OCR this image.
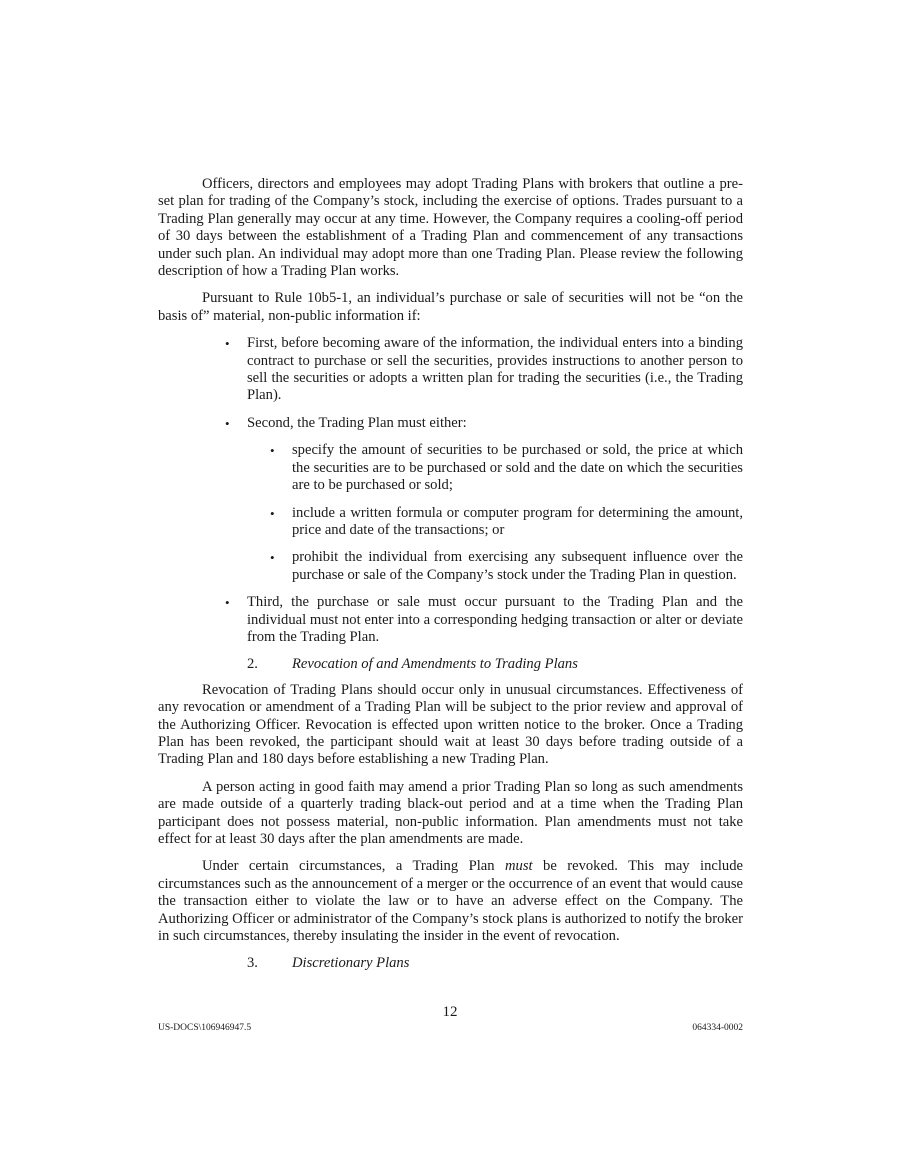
Officers, directors and employees may adopt Trading Plans with brokers that outline a pre-set plan for trading of the Company’s stock, including the exercise of options. Trades pursuant to a Trading Plan generally may occur at any time. However, the Company requires a cooling-off period of 30 days between the establishment of a Trading Plan and commencement of any transactions under such plan. An individual may adopt more than one Trading Plan. Please review the following description of how a Trading Plan works.

Pursuant to Rule 10b5-1, an individual’s purchase or sale of securities will not be “on the basis of” material, non-public information if:

• First, before becoming aware of the information, the individual enters into a binding contract to purchase or sell the securities, provides instructions to another person to sell the securities or adopts a written plan for trading the securities (i.e., the Trading Plan).
• Second, the Trading Plan must either:
• specify the amount of securities to be purchased or sold, the price at which the securities are to be purchased or sold and the date on which the securities are to be purchased or sold;
• include a written formula or computer program for determining the amount, price and date of the transactions; or
• prohibit the individual from exercising any subsequent influence over the purchase or sale of the Company’s stock under the Trading Plan in question.
• Third, the purchase or sale must occur pursuant to the Trading Plan and the individual must not enter into a corresponding hedging transaction or alter or deviate from the Trading Plan.
2.	Revocation of and Amendments to Trading Plans

Revocation of Trading Plans should occur only in unusual circumstances. Effectiveness of any revocation or amendment of a Trading Plan will be subject to the prior review and approval of the Authorizing Officer. Revocation is effected upon written notice to the broker. Once a Trading Plan has been revoked, the participant should wait at least 30 days before trading outside of a Trading Plan and 180 days before establishing a new Trading Plan.

A person acting in good faith may amend a prior Trading Plan so long as such amendments are made outside of a quarterly trading black-out period and at a time when the Trading Plan participant does not possess material, non-public information. Plan amendments must not take effect for at least 30 days after the plan amendments are made.

Under certain circumstances, a Trading Plan must be revoked. This may include circumstances such as the announcement of a merger or the occurrence of an event that would cause the transaction either to violate the law or to have an adverse effect on the Company. The Authorizing Officer or administrator of the Company’s stock plans is authorized to notify the broker in such circumstances, thereby insulating the insider in the event of revocation.

3.	Discretionary Plans
12
US-DOCS\106946947.5	064334-0002
